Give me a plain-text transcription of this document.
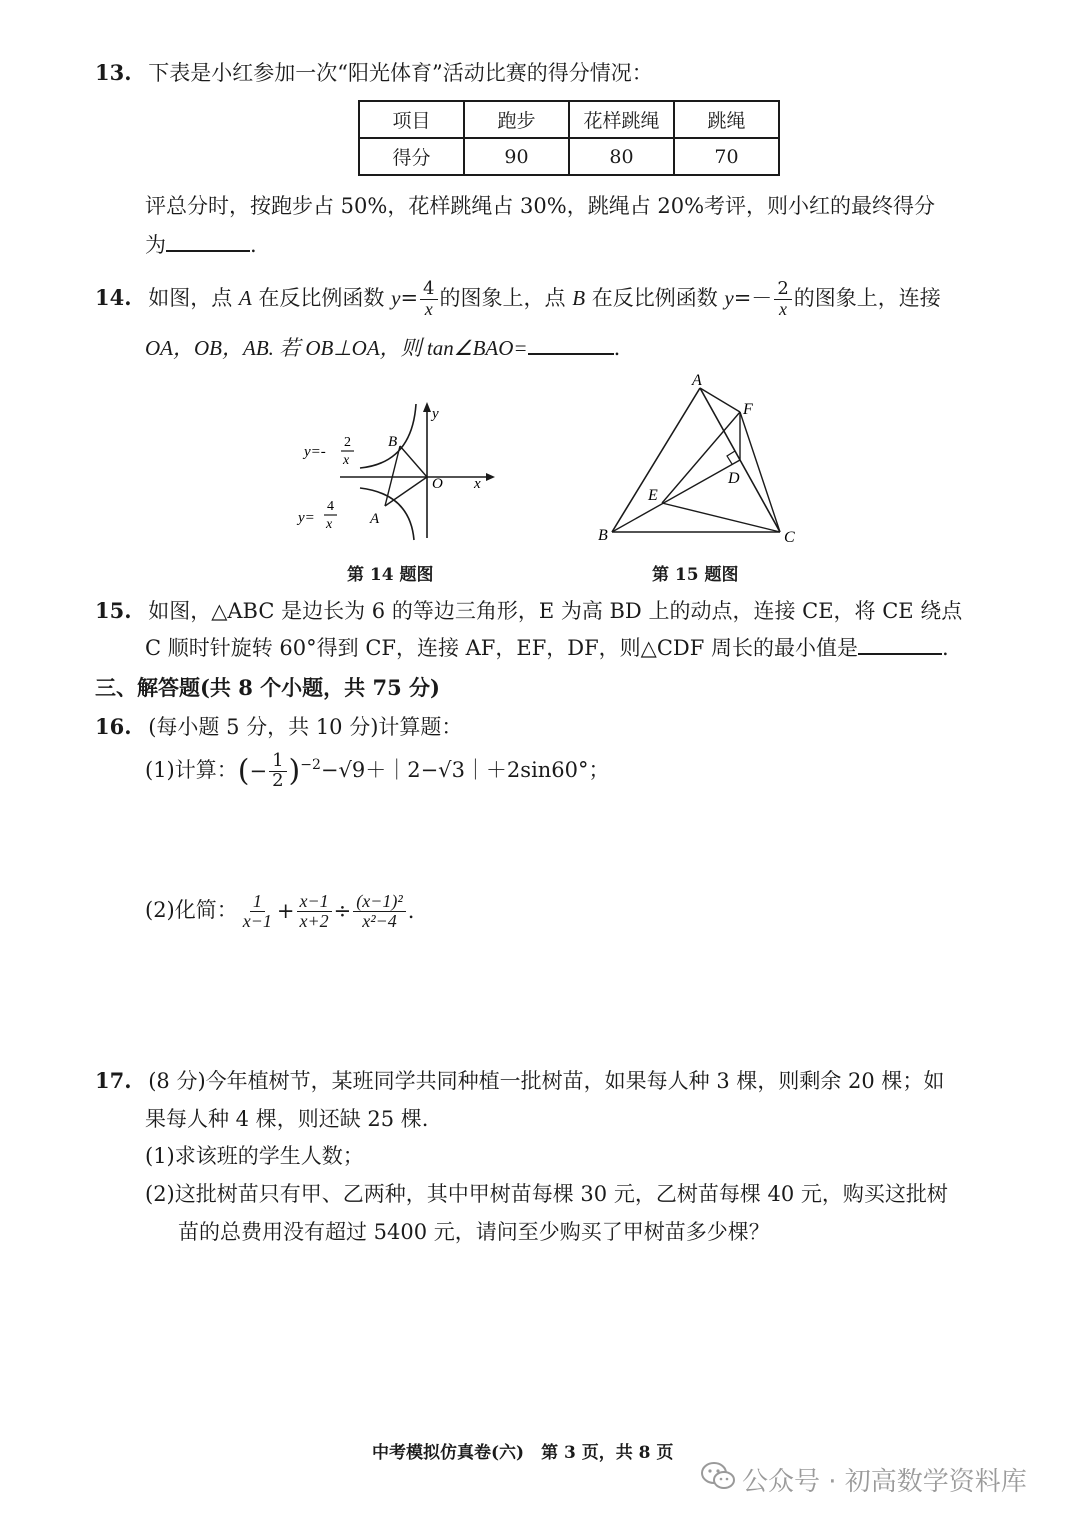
13. 下表是小红参加一次“阳光体育”活动比赛的得分情况：
项目	跑步	花样跳绳	跳绳
得分	90	80	70
评总分时，按跑步占 50%，花样跳绳占 30%，跳绳占 20%考评，则小红的最终得分
为	.
14. 如图，点 A 在反比例函数 $y= \frac{4}{x}$ 的图象上，点 B 在反比例函数 $y=- \frac{2}{x}$ 的图象上，连接
OA，OB，AB. 若 OB⊥OA，则 tan∠BAO=	.
y
x
O
B
A
y=-
2
x
y=
4
x
第 14 题图
A
F
D
E
B	C
第 15 题图
15. 如图，△ABC 是边长为 6 的等边三角形，E 为高 BD 上的动点，连接 CE，将 CE 绕点
C 顺时针旋转 60°得到 CF，连接 AF，EF，DF，则△CDF 周长的最小值是	.
三、解答题(共 8 个小题，共 75 分)
16. (每小题 5 分，共 10 分)计算题：
(1)计算：(− $\frac{1}{2}$ )$^{-2}$−√9＋｜2−√3｜＋2sin60°；
(2)化简： $\frac{1}{x-1} + \frac{x-1}{x+2} \div \frac{\text{(x−1)²}}{\text{x²−4}}$ .
17. (8 分)今年植树节，某班同学共同种植一批树苗，如果每人种 3 棵，则剩余 20 棵；如
果每人种 4 棵，则还缺 25 棵.
(1)求该班的学生人数；
(2)这批树苗只有甲、乙两种，其中甲树苗每棵 30 元，乙树苗每棵 40 元，购买这批树
苗的总费用没有超过 5400 元，请问至少购买了甲树苗多少棵？
中考模拟仿真卷(六)　第 3 页，共 8 页
公众号 · 初高数学资料库
